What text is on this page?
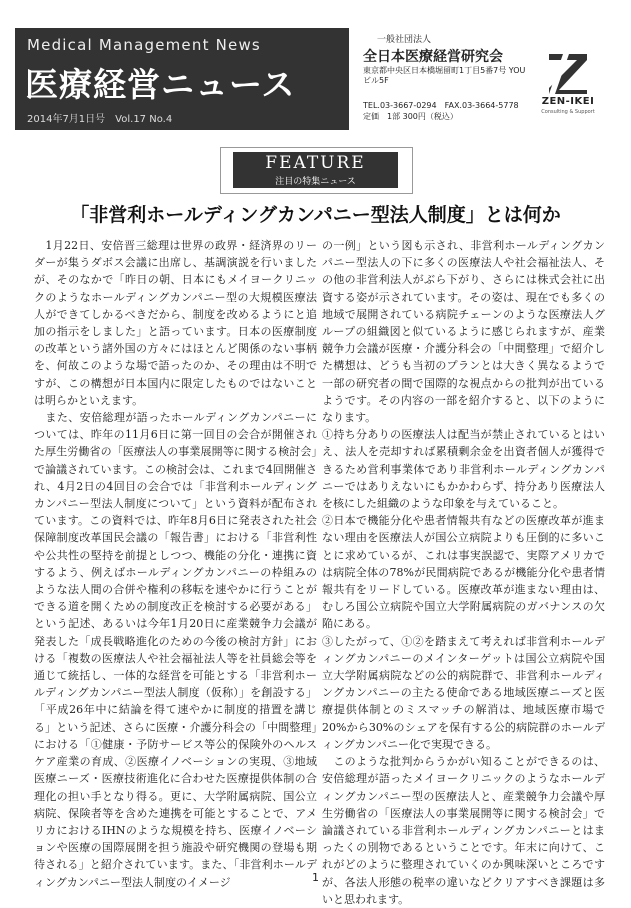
Medical Management News
医療経営ニュース
2014年7月1日号　Vol.17 No.4
一般社団法人
全日本医療経営研究会
東京都中央区日本橋堀留町1丁目5番7号 YOUビル5F
TEL.03-3667-0294　FAX.03-3664-5778
定価　1部 300円（税込）
ZEN-IKEI
Consulting & Support
FEATURE
注目の特集ニュース
「非営利ホールディングカンパニー型法人制度」とは何か

　1月22日、安倍晋三総理は世界の政界・経済界のリーダーが集うダボス会議に出席し、基調演説を行いましたが、そのなかで「昨日の朝、日本にもメイヨークリニックのようなホールディングカンパニー型の大規模医療法人ができてしかるべきだから、制度を改めるようにと追加の指示をしました」と語っています。日本の医療制度の改革という諸外国の方々にはほとんど関係のない事柄を、何故このような場で語ったのか、その理由は不明ですが、この構想が日本国内に限定したものではないことは明らかといえます。

　また、安倍総理が語ったホールディングカンパニーについては、昨年の11月6日に第一回目の会合が開催された厚生労働省の「医療法人の事業展開等に関する検討会」で論議されています。この検討会は、これまで4回開催され、4月2日の4回目の会合では「非営利ホールディングカンパニー型法人制度について」という資料が配布されています。この資料では、昨年8月6日に発表された社会保障制度改革国民会議の「報告書」における「非営利性や公共性の堅持を前提としつつ、機能の分化・連携に資するよう、例えばホールディングカンパニーの枠組みのような法人間の合併や権利の移転を速やかに行うことができる道を開くための制度改正を検討する必要がある」という記述、あるいは今年1月20日に産業競争力会議が発表した「成長戦略進化のための今後の検討方針」における「複数の医療法人や社会福祉法人等を社員総会等を通じて統括し、一体的な経営を可能とする「非営利ホールディングカンパニー型法人制度（仮称）」を創設する」「平成26年中に結論を得て速やかに制度的措置を講じる」という記述、さらに医療・介護分科会の「中間整理」における「①健康・予防サービス等公的保険外のヘルスケア産業の育成、②医療イノベーションの実現、③地域医療ニーズ・医療技術進化に合わせた医療提供体制の合理化の担い手となり得る。更に、大学附属病院、国公立病院、保険者等を含めた連携を可能とすることで、アメリカにおけるIHNのような規模を持ち、医療イノベーションや医療の国際展開を担う施設や研究機関の登場も期待される」と紹介されています。また、「非営利ホールディングカンパニー型法人制度のイメージ

の一例」という図も示され、非営利ホールディングカンパニー型法人の下に多くの医療法人や社会福祉法人、その他の非営利法人がぶら下がり、さらには株式会社に出資する姿が示されています。その姿は、現在でも多くの地域で展開されている病院チェーンのような医療法人グループの組織図と似ているように感じられますが、産業競争力会議が医療・介護分科会の「中間整理」で紹介した構想は、どうも当初のプランとは大きく異なるようで一部の研究者の間で国際的な視点からの批判が出ているようです。その内容の一部を紹介すると、以下のようになります。

①持ち分ありの医療法人は配当が禁止されているとはいえ、法人を売却すれば累積剰余金を出資者個人が獲得できるため営利事業体であり非営利ホールディングカンパニーではありえないにもかかわらず、持分あり医療法人を核にした組織のような印象を与えていること。

②日本で機能分化や患者情報共有などの医療改革が進まない理由を医療法人が国公立病院よりも圧倒的に多いことに求めているが、これは事実誤認で、実際アメリカでは病院全体の78%が民間病院であるが機能分化や患者情報共有をリードしている。医療改革が進まない理由は、むしろ国公立病院や国立大学附属病院のガバナンスの欠陥にある。

③したがって、①②を踏まえて考えれば非営利ホールディングカンパニーのメインターゲットは国公立病院や国立大学附属病院などの公的病院群で、非営利ホールディングカンパニーの主たる使命である地域医療ニーズと医療提供体制とのミスマッチの解消は、地域医療市場で20%から30%のシェアを保有する公的病院群のホールディングカンパニー化で実現できる。

　このような批判からうかがい知ることができるのは、安倍総理が語ったメイヨークリニックのようなホールディングカンパニー型の医療法人と、産業競争力会議や厚生労働省の「医療法人の事業展開等に関する検討会」で論議されている非営利ホールディングカンパニーとはまったくの別物であるということです。年末に向けて、これがどのように整理されていくのか興味深いところですが、各法人形態の税率の違いなどクリアすべき課題は多いと思われます。

1
